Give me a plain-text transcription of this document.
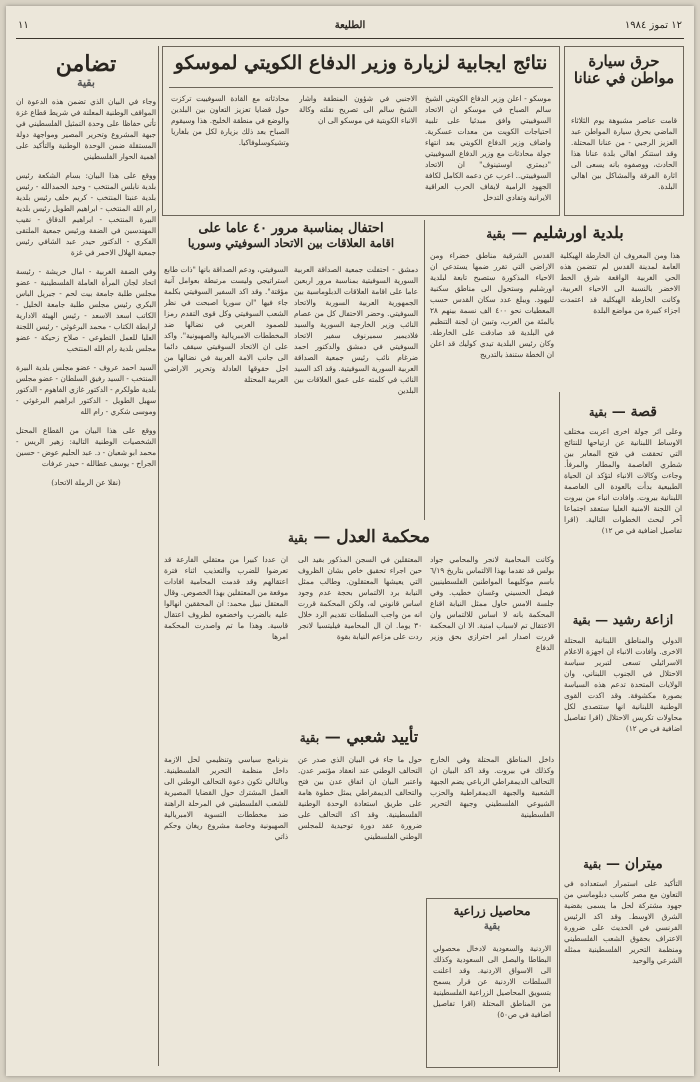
١٢ تموز ١٩٨٤
الطليعة
١١
نتائج ايجابية لزيارة وزير الدفاع الكويتي لموسكو

موسكو - اعلن وزير الدفاع الكويتي الشيخ سالم الصباح في موسكو ان الاتحاد السوفييتي وافق مبدئيا على تلبية احتياجات الكويت من معدات عسكرية. واضاف وزير الدفاع الكويتي بعد انتهاء جولة محادثات مع وزير الدفاع السوفييتي "ديمتري اوستينوف" ان الاتحاد السوفييتي.. اعرب عن دعمه الكامل لكافة الجهود الرامية لايقاف الحرب العراقية الايرانية وتفادي التدخل

الاجنبي في شؤون المنطقة واشار الشيخ سالم الى تصريح نقلته وكالة الانباء الكويتية في موسكو الى ان

محادثاته مع القادة السوفييت تركزت حول قضايا تعزيز التعاون بين البلدين والوضع في منطقة الخليج. هذا وسيقوم الصباح بعد ذلك بزيارة لكل من بلغاريا وتشيكوسلوفاكيا.

حرق سيارة مواطن في عنانا

قامت عناصر مشبوهة يوم الثلاثاء الماضي بحرق سيارة المواطن عبد العزيز الرجبي - من عنانا المحتلة. وقد استنكر اهالي بلدة عنانا هذا الحادث، ووصفوه بانه يسعى الى اثارة الفرقة والمشاكل بين اهالي البلدة.

تضامن
بقية

وجاء في البيان الذي تضمن هذه الدعوة ان المواقف الوطنية المعلنة في شريط قطاع غزة تأتي حفاظا على وحدة التمثيل الفلسطيني في جبهة المشروع وتحرير المصير ومواجهة دولة المستقلة ضمن الوحدة الوطنية والتأكيد على اهمية الحوار الفلسطيني

ووقع على هذا البيان: بسام الشكعة رئيس بلدية نابلس المنتخب - وحيد الحمدالله - رئيس بلدية عنبتا المنتخب - كريم خلف رئيس بلدية رام الله المنتخب - ابراهيم الطويل رئيس بلدية البيرة المنتخب - ابراهيم الدقاق - نقيب المهندسين في الضفة ورئيس جمعية الملتقى الفكري - الدكتور حيدر عبد الشافي رئيس جمعية الهلال الاحمر في غزة

وفي الضفة الغربية - امال خريشة - رئيسة اتحاد لجان المرأة العاملة الفلسطينية - عضو مجلس طلبة جامعة بيت لحم - جبريل الباس البكري رئيس مجلس طلبة جامعة الخليل - الكاتب اسعد الاسعد - رئيس الهيئة الادارية لرابطة الكتاب - محمد البرغوثي - رئيس اللجنة العليا للعمل التطوعي - صلاح زحيكة - عضو مجلس بلدية رام الله المنتخب

السيد احمد عروف - عضو مجلس بلدية البيرة المنتخب - السيد رفيق السلطان - عضو مجلس بلدية طولكرم - الدكتور غازي الفاهوم - الدكتور سهيل الطويل - الدكتور ابراهيم البرغوثي - وموسى شكري - رام الله

ووقع على هذا البيان من القطاع المحتل الشخصيات الوطنية التالية: زهير الريس - محمد ابو شعبان - د. عبد الحليم عوض - حسين الجراح - يوسف عطالله - حيدر عرفات

(نقلا عن الرملة الاتحاد)

احتفال بمناسبة مرور ٤٠ عاما على
اقامة العلاقات بين الاتحاد السوفيتي وسوريا

دمشق - احتفلت جمعية الصداقة العربية السورية السوفيتية بمناسبة مرور اربعين عاما على اقامة العلاقات الدبلوماسية بين الجمهورية العربية السورية والاتحاد السوفيتي. وحضر الاحتفال كل من عصام النائب وزير الخارجية السورية والسيد فلاديمير سميرنوف سفير الاتحاد السوفيتي في دمشق والدكتور احمد ضرغام نائب رئيس جمعية الصداقة العربية السورية السوفيتية. وقد اكد السيد النائب في كلمته على عمق العلاقات بين البلدين

السوفيتي، ودعم الصداقة بانها "ذات طابع استراتيجي وليست مرتبطة بعوامل آنية مؤقتة". وقد اكد السفير السوفيتي بكلمة جاء فيها "ان سوريا اصبحت في نظر الشعب السوفيتي وكل قوى التقدم رمزا للصمود العربي في نضالها ضد المخططات الامبريالية والصهيونية". واكد على ان الاتحاد السوفيتي سيقف دائما الى جانب الامة العربية في نضالها من اجل حقوقها العادلة وتحرير الاراضي العربية المحتلة

بلدية اورشليم — بقية

هذا ومن المعروف ان الخارطة الهيكلية العامة لمدينة القدس لم تتضمن هذه الحي الغربية الواقعة شرق الخط الاخضر بالنسبة الى الاحياء العربية، وكانت الخارطة الهيكلية قد اعتمدت اجزاء كبيرة من مواضع البلدة

القدس الشرقية مناطق خضراء ومن الاراضي التي تقرر ضمها يستدعي ان الاحياء المذكورة ستصبح تابعة لبلدية اورشليم وستحول الى مناطق سكنية لليهود. ويبلغ عدد سكان القدس حسب المعطيات نحو ٤٠٠ الف نسمة بينهم ٢٨ بالمئة من العرب، وتبين ان لجنة التنظيم في البلدية قد صادقت على الخارطة. وكان رئيس البلدية تيدي كوليك قد اعلن ان الخطة ستنفذ بالتدريج

قصة — بقية

وعلى اثر جولة اخرى اعربت مختلف الاوساط اللبنانية عن ارتياحها للنتائج التي تحققت في فتح المعابر بين شطري العاصمة والمطار والمرفأ. وجاءت وكالات الانباء لتؤكد ان الحياة الطبيعية بدأت بالعودة الى العاصمة اللبنانية بيروت. وافادت انباء من بيروت ان اللجنة الامنية العليا ستعقد اجتماعا آخر لبحث الخطوات التالية. (اقرا تفاصيل اضافية في ص ١٢)

ازاعة رشيد — بقية

الدولي والمناطق اللبنانية المحتلة الاخرى. وافادت الانباء ان اجهزة الاعلام الاسرائيلي تسعى لتبرير سياسة الاحتلال في الجنوب اللبناني، وان الولايات المتحدة تدعم هذه السياسة بصورة مكشوفة. وقد اكدت القوى الوطنية اللبنانية انها ستتصدى لكل محاولات تكريس الاحتلال (اقرا تفاصيل اضافية في ص ١٢)

ميتران — بقية

التأكيد على استمرار استعداده في التعاون مع مصر كاسب دبلوماسي من جهود مشتركة لحل ما يسمى بقضية الشرق الاوسط. وقد اكد الرئيس الفرنسي في الحديث على ضرورة الاعتراف بحقوق الشعب الفلسطيني ومنظمة التحرير الفلسطينية ممثله الشرعي والوحيد

محكمة العدل — بقية

وكانت المحامية لانجر والمحامي جواد بولس قد تقدما بهذا الالتماس بتاريخ ٦/١٩ باسم موكليهما المواطنين الفلسطينيين فيصل الحسيني وغسان خطيب. وفي جلسة الامس حاول ممثل النيابة اقناع المحكمة بانه لا اساس للالتماس وان الاعتقال تم لاسباب امنية. الا ان المحكمة قررت اصدار امر احترازي بحق وزير الدفاع

المعتقلين في السجن المذكور بقيد الى حين اجراء تحقيق خاص بشان الظروف التي يعيشها المعتقلون. وطالب ممثل النيابة برد الالتماس بحجة عدم وجود اساس قانوني له، ولكن المحكمة قررت انه من واجب السلطات تقديم الرد خلال ٣٠ يوما. ان ال المحامية فيليتسيا لانجر ردت على مزاعم النيابة بقوة

ان عددا كبيرا من معتقلي الفارعة قد تعرضوا للضرب والتعذيب اثناء فترة اعتقالهم وقد قدمت المحامية افادات موقعة من المعتقلين بهذا الخصوص. وقال المعتقل نبيل محمد: ان المحققين انهالوا عليه بالضرب واخضعوه لظروف اعتقال قاسية. وهذا ما تم واصدرت المحكمة امرها

تأييد شعبي — بقية

داخل المناطق المحتلة وفي الخارج وكذلك في بيروت. وقد اكد البيان ان التحالف الديمقراطي الرباعي يضم الجبهة الشعبية والجبهة الديمقراطية والحزب الشيوعي الفلسطيني وجبهة التحرير الفلسطينية

حول ما جاء في البيان الذي صدر عن التحالف الوطني عند انعقاد مؤتمر عدن. واعتبر البيان ان اتفاق عدن بين فتح والتحالف الديمقراطي يمثل خطوة هامة على طريق استعادة الوحدة الوطنية الفلسطينية. وقد اكد التحالف على ضرورة عقد دورة توحيدية للمجلس الوطني الفلسطيني

بنرنامج سياسي وتنظيمي لحل الازمة داخل منظمة التحرير الفلسطينية. وبالتالي تكون دعوة التحالف الوطني الى العمل المشترك حول القضايا المصيرية للشعب الفلسطيني في المرحلة الراهنة ضد مخططات التسوية الامبريالية الصهيونية وخاصة مشروع ريغان وحكم ذاتي

محاصيل زراعية
بقية

الاردنية والسعودية لادخال محصولي البطاطا والبصل الى السعودية وكذلك الى الاسواق الاردنية. وقد اعلنت السلطات الاردنية عن قرار يسمح بتسويق المحاصيل الزراعية الفلسطينية من المناطق المحتلة (اقرا تفاصيل اضافية في ص٥٠)
